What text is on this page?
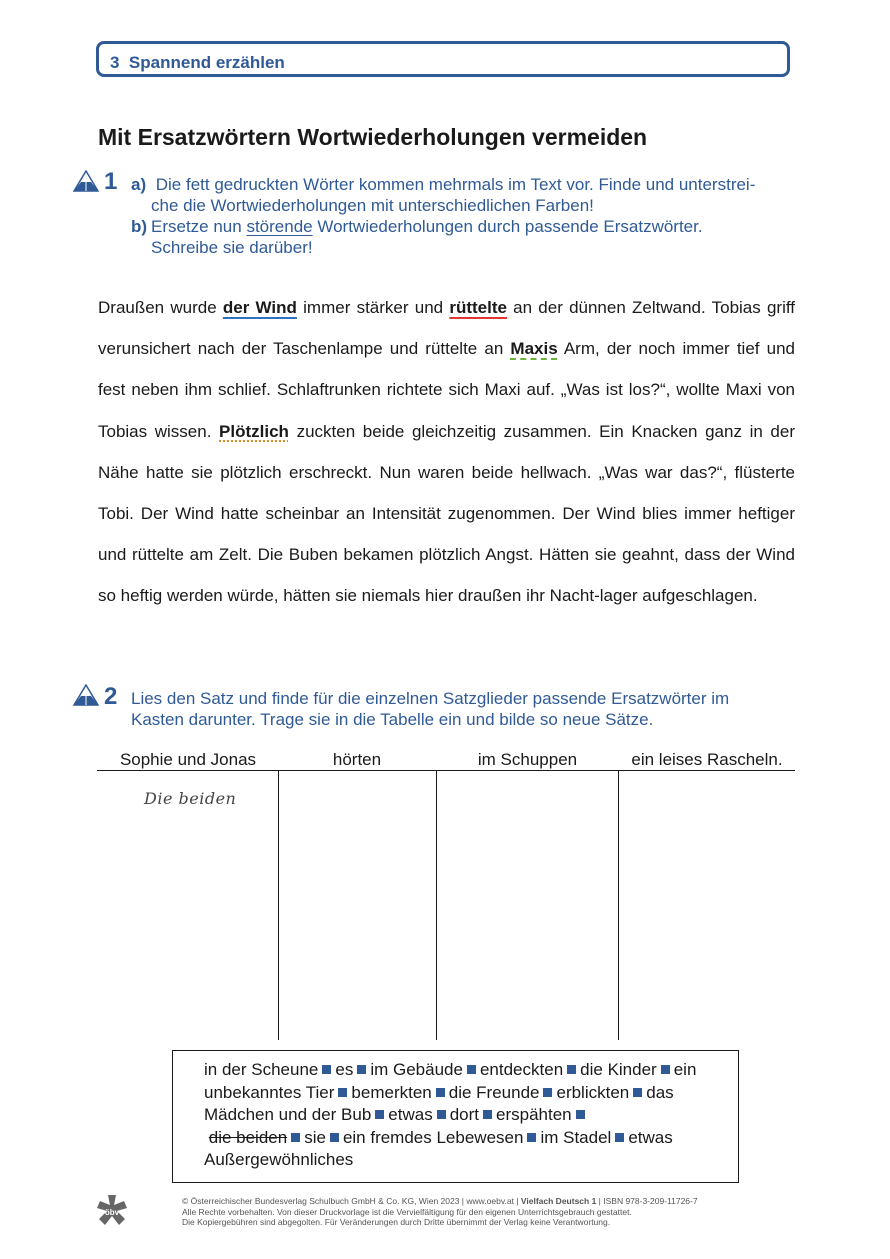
3 Spannend erzählen
Mit Ersatzwörtern Wortwiederholungen vermeiden
1 a) Die fett gedruckten Wörter kommen mehrmals im Text vor. Finde und unterstrei-
che die Wortwiederholungen mit unterschiedlichen Farben!
b) Ersetze nun störende Wortwiederholungen durch passende Ersatzwörter.
Schreibe sie darüber!
Draußen wurde der Wind immer stärker und rüttelte an der dünnen Zeltwand. Tobias griff verunsichert nach der Taschenlampe und rüttelte an Maxis Arm, der noch immer tief und fest neben ihm schlief. Schlaftrunken richtete sich Maxi auf. „Was ist los?“, wollte Maxi von Tobias wissen. Plötzlich zuckten beide gleichzeitig zusammen. Ein Knacken ganz in der Nähe hatte sie plötzlich erschreckt. Nun waren beide hellwach. „Was war das?“, flüsterte Tobi. Der Wind hatte scheinbar an Intensität zugenommen. Der Wind blies immer heftiger und rüttelte am Zelt. Die Buben bekamen plötzlich Angst. Hätten sie geahnt, dass der Wind so heftig werden würde, hätten sie niemals hier draußen ihr Nacht-lager aufgeschlagen.
2 Lies den Satz und finde für die einzelnen Satzglieder passende Ersatzwörter im
Kasten darunter. Trage sie in die Tabelle ein und bilde so neue Sätze.
Sophie und Jonas	hörten	im Schuppen	ein leises Rascheln.
Die beiden
in der Scheune es im Gebäude entdeckten die Kinder ein
unbekanntes Tier bemerkten die Freunde erblickten das
Mädchen und der Bub etwas dort erspähten
die beiden sie ein fremdes Lebewesen im Stadel etwas
Außergewöhnliches
öbv
© Österreichischer Bundesverlag Schulbuch GmbH & Co. KG, Wien 2023 | www.oebv.at | Vielfach Deutsch 1 | ISBN 978-3-209-11726-7
Alle Rechte vorbehalten. Von dieser Druckvorlage ist die Vervielfältigung für den eigenen Unterrichtsgebrauch gestattet.
Die Kopiergebühren sind abgegolten. Für Veränderungen durch Dritte übernimmt der Verlag keine Verantwortung.
